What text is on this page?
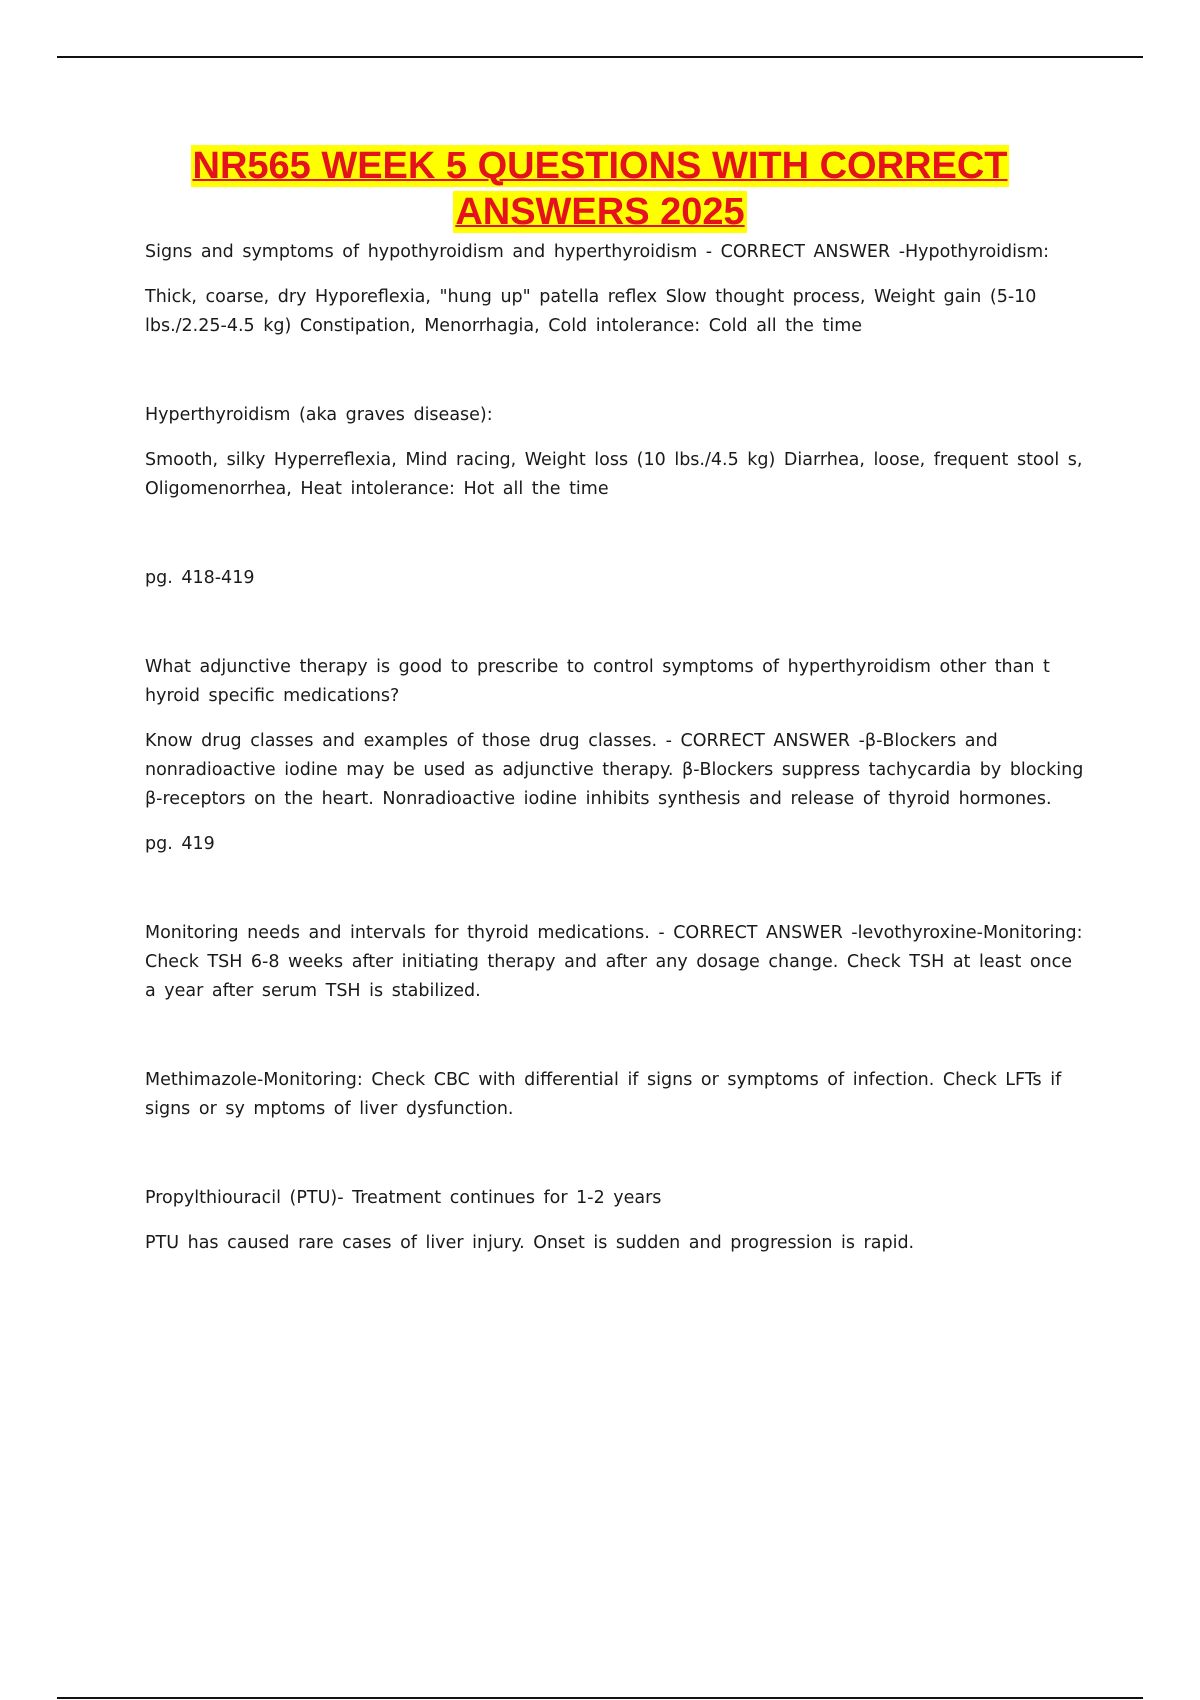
NR565 WEEK 5 QUESTIONS WITH CORRECT
ANSWERS 2025

Signs and symptoms of hypothyroidism and hyperthyroidism - CORRECT ANSWER -Hypothyroidism:

Thick, coarse, dry Hyporeflexia, "hung up" patella reflex Slow thought process, Weight gain (5-10 lbs./2.25-4.5 kg) Constipation, Menorrhagia, Cold intolerance: Cold all the time

Hyperthyroidism (aka graves disease):

Smooth, silky Hyperreflexia, Mind racing, Weight loss (10 lbs./4.5 kg) Diarrhea, loose, frequent stool s, Oligomenorrhea, Heat intolerance: Hot all the time

pg. 418-419

What adjunctive therapy is good to prescribe to control symptoms of hyperthyroidism other than t hyroid specific medications?

Know drug classes and examples of those drug classes. - CORRECT ANSWER -β-Blockers and nonradioactive iodine may be used as adjunctive therapy. β-Blockers suppress tachycardia by blocking β-receptors on the heart. Nonradioactive iodine inhibits synthesis and release of thyroid hormones.

pg. 419

Monitoring needs and intervals for thyroid medications. - CORRECT ANSWER -levothyroxine-Monitoring: Check TSH 6-8 weeks after initiating therapy and after any dosage change. Check TSH at least once a year after serum TSH is stabilized.

Methimazole-Monitoring: Check CBC with differential if signs or symptoms of infection. Check LFTs if signs or sy mptoms of liver dysfunction.

Propylthiouracil (PTU)- Treatment continues for 1-2 years

PTU has caused rare cases of liver injury. Onset is sudden and progression is rapid.
